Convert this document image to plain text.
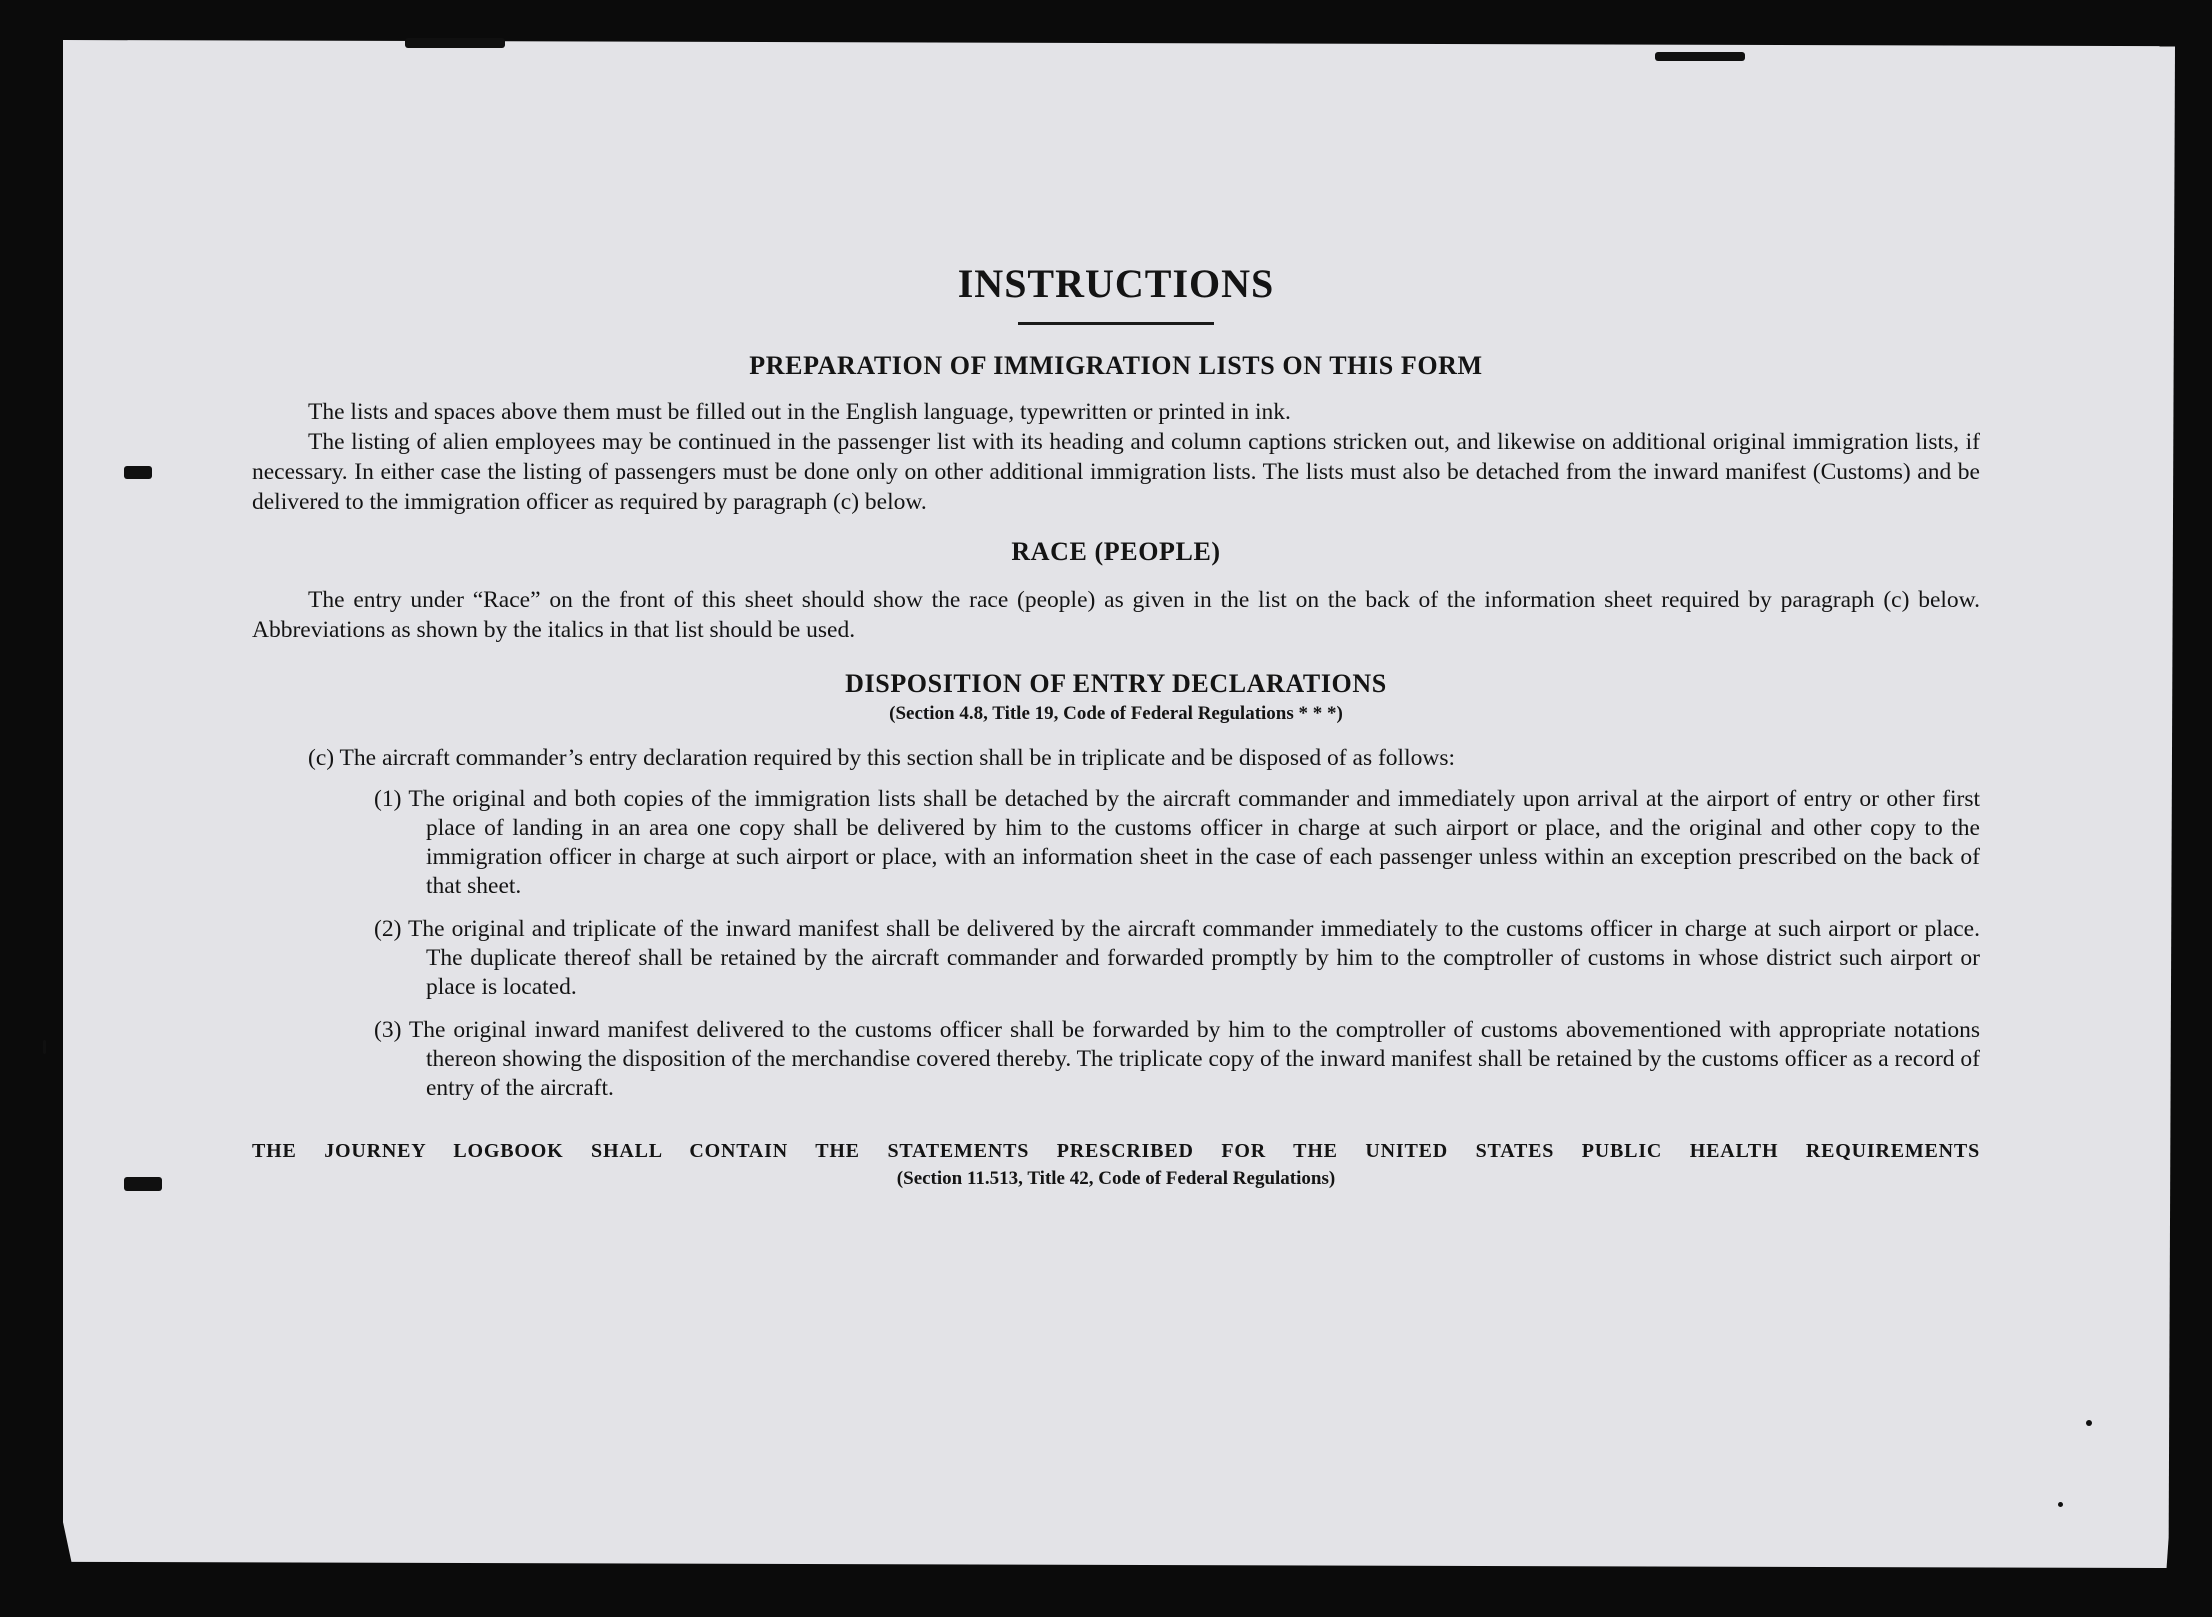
INSTRUCTIONS
PREPARATION OF IMMIGRATION LISTS ON THIS FORM
The lists and spaces above them must be filled out in the English language, typewritten or printed in ink.
The listing of alien employees may be continued in the passenger list with its heading and column captions stricken out, and likewise on additional original immigration lists, if necessary. In either case the listing of passengers must be done only on other additional immigration lists. The lists must also be detached from the inward manifest (Customs) and be delivered to the immigration officer as required by paragraph (c) below.
RACE (PEOPLE)
The entry under “Race” on the front of this sheet should show the race (people) as given in the list on the back of the information sheet required by paragraph (c) below. Abbreviations as shown by the italics in that list should be used.
DISPOSITION OF ENTRY DECLARATIONS
(Section 4.8, Title 19, Code of Federal Regulations * * *)
(c) The aircraft commander’s entry declaration required by this section shall be in triplicate and be disposed of as follows:
(1) The original and both copies of the immigration lists shall be detached by the aircraft commander and immediately upon arrival at the airport of entry or other first place of landing in an area one copy shall be delivered by him to the customs officer in charge at such airport or place, and the original and other copy to the immigration officer in charge at such airport or place, with an information sheet in the case of each passenger unless within an exception prescribed on the back of that sheet.
(2) The original and triplicate of the inward manifest shall be delivered by the aircraft commander immediately to the customs officer in charge at such airport or place. The duplicate thereof shall be retained by the aircraft commander and forwarded promptly by him to the comptroller of customs in whose district such airport or place is located.
(3) The original inward manifest delivered to the customs officer shall be forwarded by him to the comptroller of customs abovementioned with appropriate notations thereon showing the disposition of the merchandise covered thereby. The triplicate copy of the inward manifest shall be retained by the customs officer as a record of entry of the aircraft.
THE JOURNEY LOGBOOK SHALL CONTAIN THE STATEMENTS PRESCRIBED FOR THE UNITED STATES PUBLIC HEALTH REQUIREMENTS
(Section 11.513, Title 42, Code of Federal Regulations)
